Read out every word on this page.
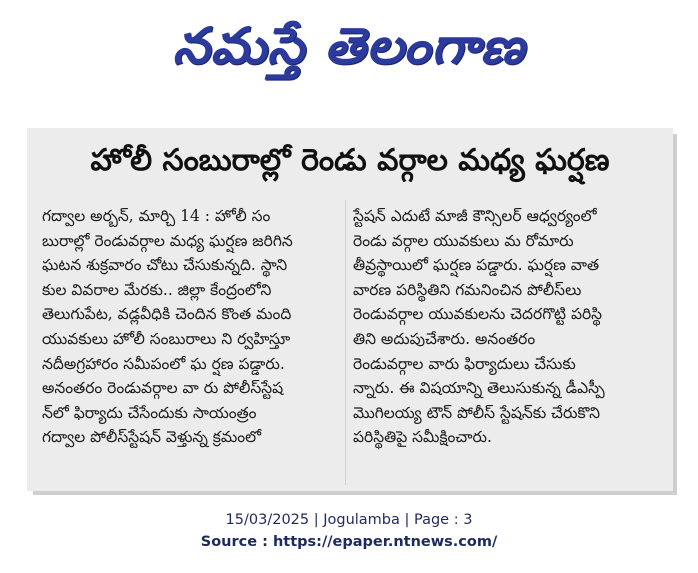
నమస్తే తెలంగాణ
హోలీ సంబురాల్లో రెండు వర్గాల మధ్య ఘర్షణ
గద్వాల అర్బన్, మార్చి 14 : హోలీ సం
బురాల్లో రెండువర్గాల మధ్య ఘర్షణ జరిగిన
ఘటన శుక్రవారం చోటు చేసుకున్నది. స్థాని
కుల వివరాల మేరకు.. జిల్లా కేంద్రంలోని
తెలుగుపేట, వడ్లవీధికి చెందిన కొంత మంది
యువకులు హోలీ సంబురాలు ని ర్వహిస్తూ
నదీఅగ్రహారం సమీపంలో ఘ ర్షణ పడ్డారు.
అనంతరం రెండువర్గాల వా రు పోలీస్‌స్టేష
న్‌లో ఫిర్యాదు చేసేందుకు సాయంత్రం
గద్వాల పోలీస్‌స్టేషన్ వెళ్తున్న క్రమంలో
స్టేషన్ ఎదుటే మాజీ కౌన్సిలర్ ఆధ్వర్యంలో
రెండు వర్గాల యువకులు మ రోమారు
తీవ్రస్థాయిలో ఘర్షణ పడ్డారు. ఘర్షణ వాత
వారణ పరిస్థితిని గమనించిన పోలీస్‌లు
రెండువర్గాల యువకులను చెదరగొట్టి పరిస్థి
తిని అదుపుచేశారు. అనంతరం
రెండువర్గాల వారు ఫిర్యాదులు చేసుకు
న్నారు. ఈ విషయాన్ని తెలుసుకున్న డీఎస్పీ
మొగిలయ్య టౌన్ పోలీస్ స్టేషన్‌కు చేరుకొని
పరిస్థితిపై సమీక్షించారు.
15/03/2025 | Jogulamba | Page : 3
Source : https://epaper.ntnews.com/
